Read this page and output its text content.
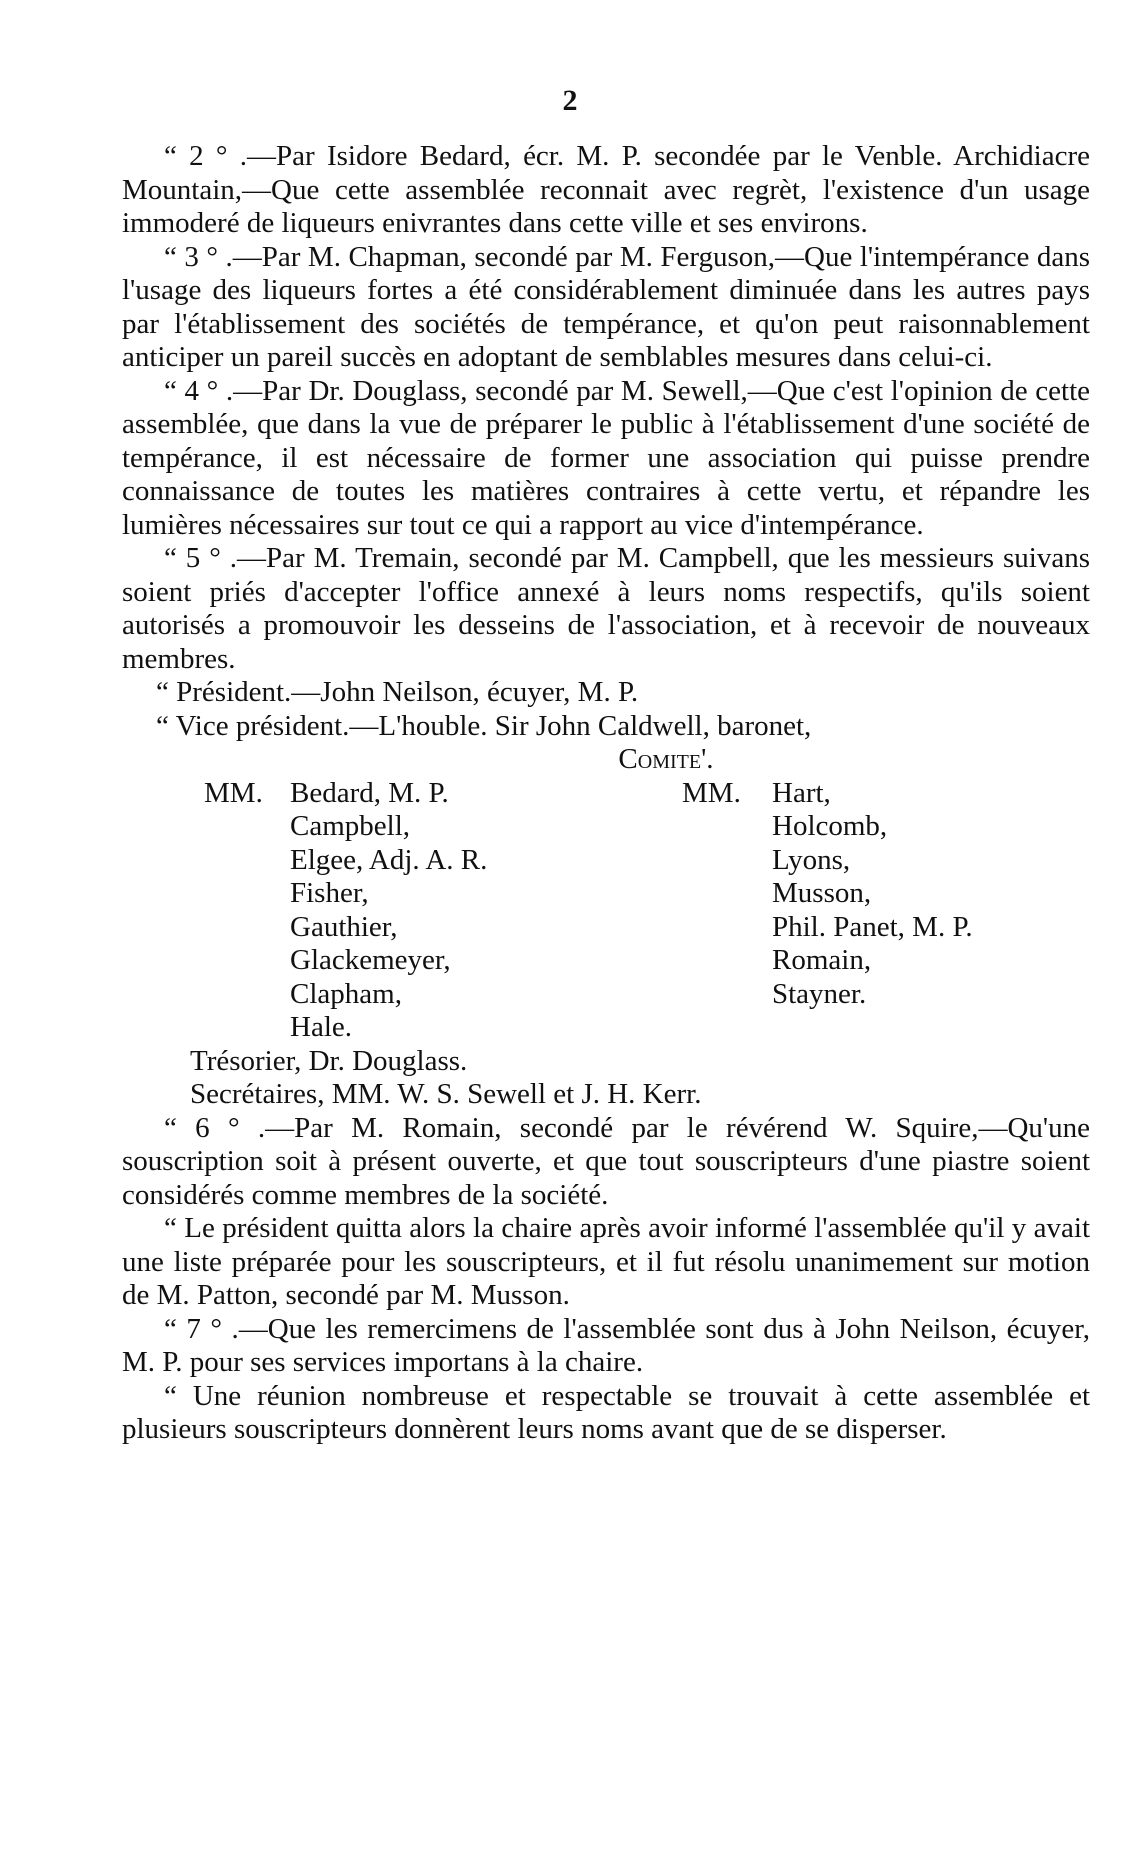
2

“ 2 ° .—Par Isidore Bedard, écr. M. P. secondée par le Venble. Archidiacre Mountain,—Que cette assemblée reconnait avec regrèt, l'existence d'un usage immoderé de liqueurs enivrantes dans cette ville et ses environs.

“ 3 ° .—Par M. Chapman, secondé par M. Ferguson,—Que l'intempérance dans l'usage des liqueurs fortes a été considérablement diminuée dans les autres pays par l'établissement des sociétés de tempérance, et qu'on peut raisonnablement anticiper un pareil succès en adoptant de semblables mesures dans celui-ci.

“ 4 ° .—Par Dr. Douglass, secondé par M. Sewell,—Que c'est l'opinion de cette assemblée, que dans la vue de préparer le public à l'établissement d'une société de tempérance, il est nécessaire de former une association qui puisse prendre connaissance de toutes les matières contraires à cette vertu, et répandre les lumières nécessaires sur tout ce qui a rapport au vice d'intempérance.

“ 5 ° .—Par M. Tremain, secondé par M. Campbell, que les messieurs suivans soient priés d'accepter l'office annexé à leurs noms respectifs, qu'ils soient autorisés a promouvoir les desseins de l'association, et à recevoir de nouveaux membres.

“ Président.—John Neilson, écuyer, M. P.

“ Vice président.—L'houble. Sir John Caldwell, baronet,

Comite'.

MM. Bedard, M. P.
Campbell,
Elgee, Adj. A. R.
Fisher,
Gauthier,
Glackemeyer,
Clapham,
Hale.
MM.	Hart,
Holcomb,
Lyons,
Musson,
Phil. Panet, M. P.
Romain,
Stayner.

Trésorier, Dr. Douglass.

Secrétaires, MM. W. S. Sewell et J. H. Kerr.

“ 6 ° .—Par M. Romain, secondé par le révérend W. Squire,—Qu'une souscription soit à présent ouverte, et que tout souscripteurs d'une piastre soient considérés comme membres de la société.

“ Le président quitta alors la chaire après avoir informé l'assemblée qu'il y avait une liste préparée pour les souscripteurs, et il fut résolu unanimement sur motion de M. Patton, secondé par M. Musson.

“ 7 ° .—Que les remercimens de l'assemblée sont dus à John Neilson, écuyer, M. P. pour ses services importans à la chaire.

“ Une réunion nombreuse et respectable se trouvait à cette assemblée et plusieurs souscripteurs donnèrent leurs noms avant que de se disperser.
